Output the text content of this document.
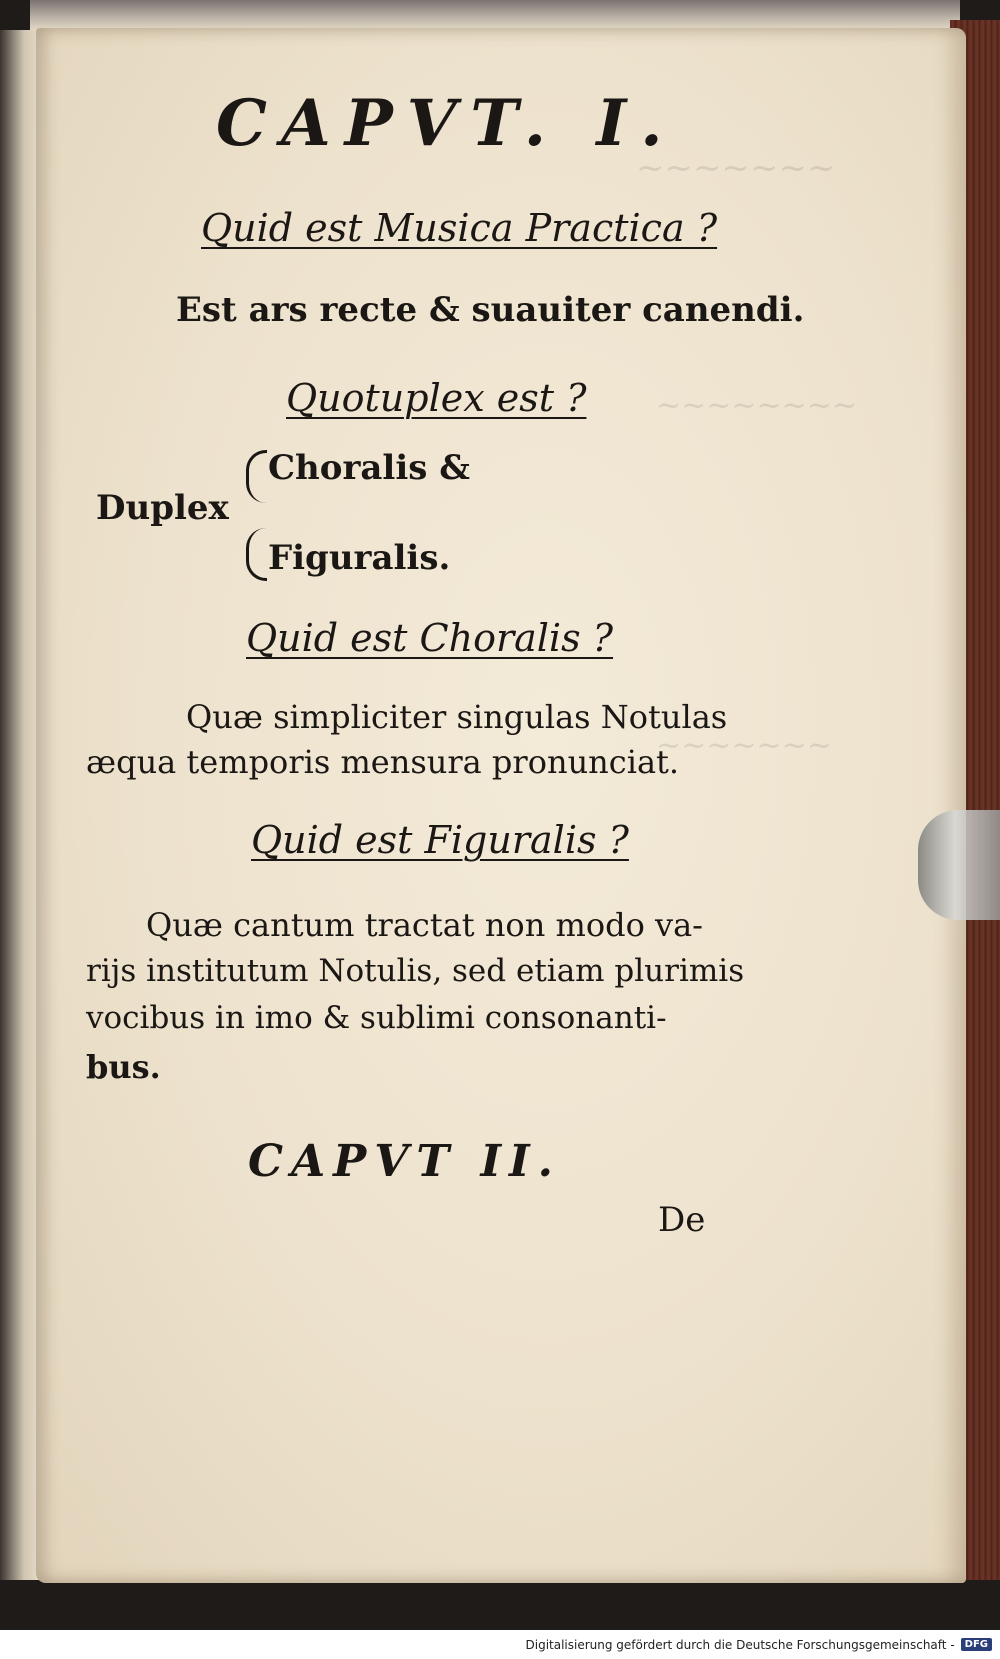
~~~~~~~
~~~~~~~~
~~~~~~~
CAPVT. I.
Quid est Musica Practica ?
Est ars recte & suauiter canendi.
Quotuplex est ?
Duplex
Choralis &
Figuralis.
Quid est Choralis ?
Quæ simpliciter singulas Notulas
æqua temporis mensura pronunciat.
Quid est Figuralis ?
Quæ cantum tractat non modo va-
rijs institutum Notulis, sed etiam plurimis
vocibus in imo & sublimi consonanti-
bus.
CAPVT II.
De
Digitalisierung gefördert durch die Deutsche Forschungsgemeinschaft -	DFG
